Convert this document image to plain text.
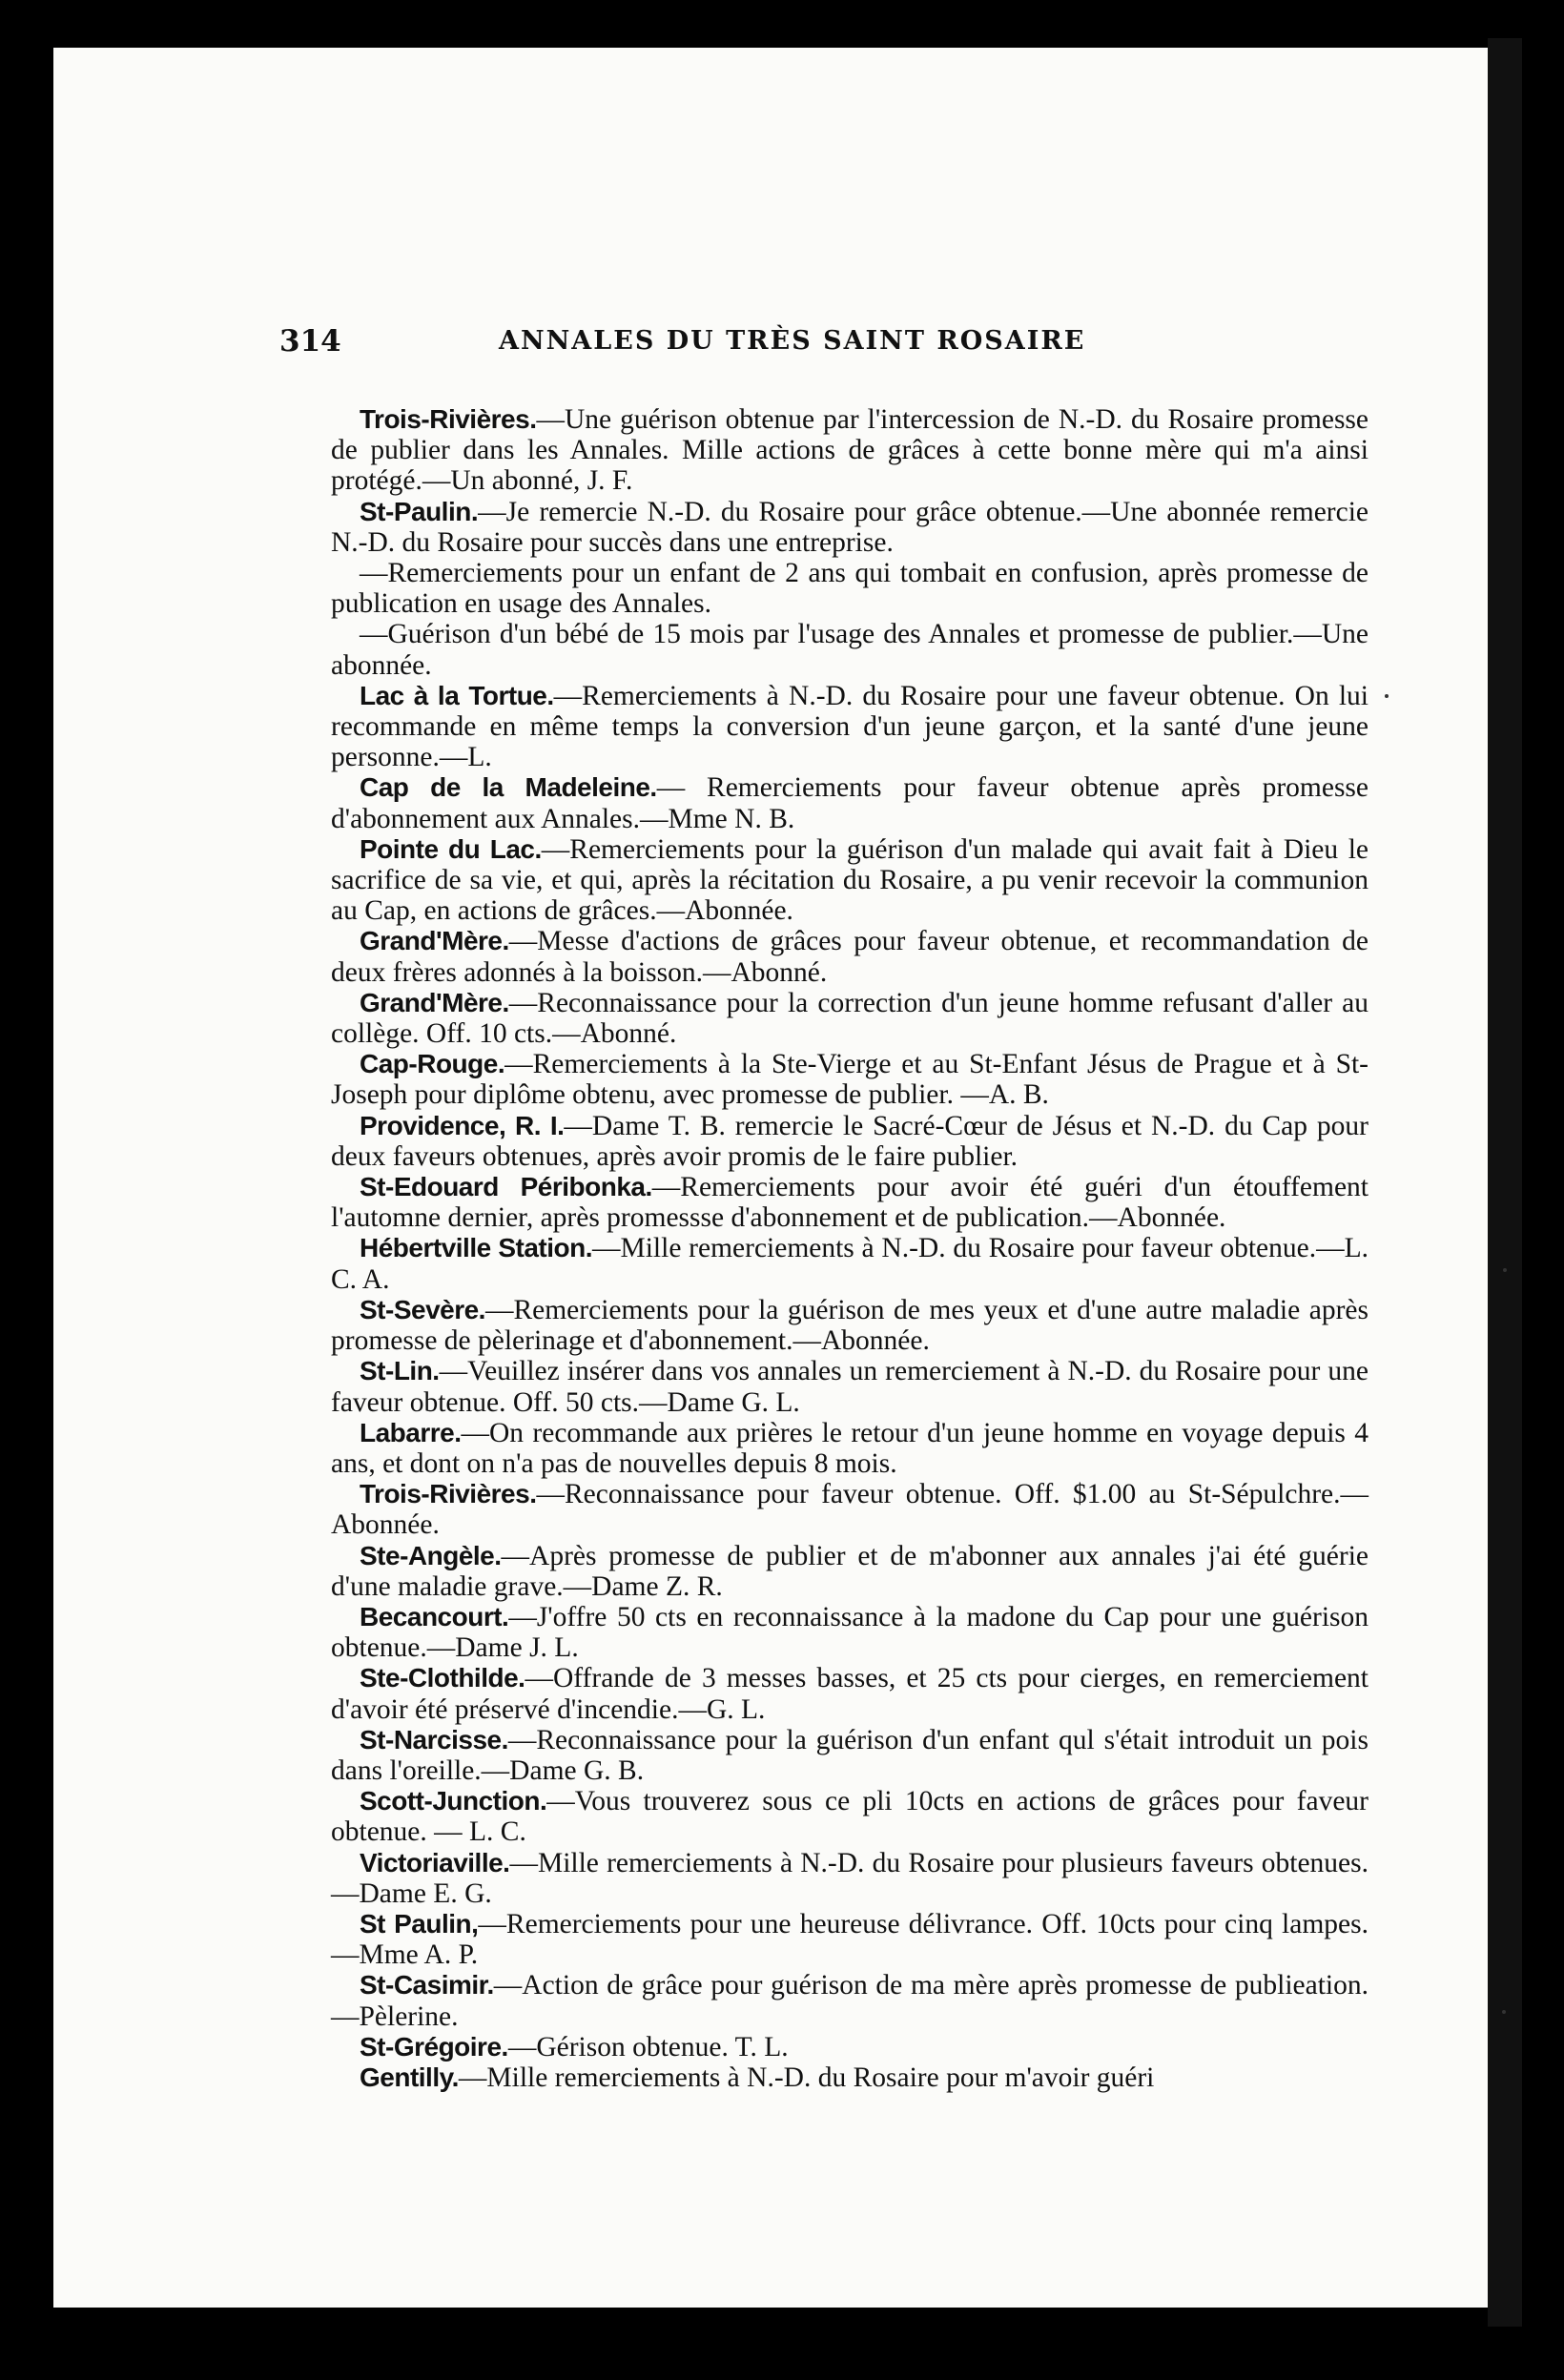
314	ANNALES DU TRÈS SAINT ROSAIRE

Trois-Rivières.—Une guérison obtenue par l'intercession de N.-D. du Rosaire promesse de publier dans les Annales. Mille actions de grâces à cette bonne mère qui m'a ainsi protégé.—Un abonné, J. F.

St-Paulin.—Je remercie N.-D. du Rosaire pour grâce obtenue.—Une abonnée remercie N.-D. du Rosaire pour succès dans une entreprise.

—Remerciements pour un enfant de 2 ans qui tombait en confusion, après promesse de publication en usage des Annales.

—Guérison d'un bébé de 15 mois par l'usage des Annales et promesse de publier.—Une abonnée.

Lac à la Tortue.—Remerciements à N.-D. du Rosaire pour une faveur obtenue. On lui recommande en même temps la conversion d'un jeune garçon, et la santé d'une jeune personne.—L.

Cap de la Madeleine.— Remerciements pour faveur obtenue après promesse d'abonnement aux Annales.—Mme N. B.

Pointe du Lac.—Remerciements pour la guérison d'un malade qui avait fait à Dieu le sacrifice de sa vie, et qui, après la récitation du Rosaire, a pu venir recevoir la communion au Cap, en actions de grâces.—Abonnée.

Grand'Mère.—Messe d'actions de grâces pour faveur obtenue, et recommandation de deux frères adonnés à la boisson.—Abonné.

Grand'Mère.—Reconnaissance pour la correction d'un jeune homme refusant d'aller au collège. Off. 10 cts.—Abonné.

Cap-Rouge.—Remerciements à la Ste-Vierge et au St-Enfant Jésus de Prague et à St-Joseph pour diplôme obtenu, avec promesse de publier. —A. B.

Providence, R. I.—Dame T. B. remercie le Sacré-Cœur de Jésus et N.-D. du Cap pour deux faveurs obtenues, après avoir promis de le faire publier.

St-Edouard Péribonka.—Remerciements pour avoir été guéri d'un étouffement l'automne dernier, après promessse d'abonnement et de publication.—Abonnée.

Hébertville Station.—Mille remerciements à N.-D. du Rosaire pour faveur obtenue.—L. C. A.

St-Sevère.—Remerciements pour la guérison de mes yeux et d'une autre maladie après promesse de pèlerinage et d'abonnement.—Abonnée.

St-Lin.—Veuillez insérer dans vos annales un remerciement à N.-D. du Rosaire pour une faveur obtenue. Off. 50 cts.—Dame G. L.

Labarre.—On recommande aux prières le retour d'un jeune homme en voyage depuis 4 ans, et dont on n'a pas de nouvelles depuis 8 mois.

Trois-Rivières.—Reconnaissance pour faveur obtenue. Off. $1.00 au St-Sépulchre.—Abonnée.

Ste-Angèle.—Après promesse de publier et de m'abonner aux annales j'ai été guérie d'une maladie grave.—Dame Z. R.

Becancourt.—J'offre 50 cts en reconnaissance à la madone du Cap pour une guérison obtenue.—Dame J. L.

Ste-Clothilde.—Offrande de 3 messes basses, et 25 cts pour cierges, en remerciement d'avoir été préservé d'incendie.—G. L.

St-Narcisse.—Reconnaissance pour la guérison d'un enfant qul s'était introduit un pois dans l'oreille.—Dame G. B.

Scott-Junction.—Vous trouverez sous ce pli 10cts en actions de grâces pour faveur obtenue. — L. C.

Victoriaville.—Mille remerciements à N.-D. du Rosaire pour plusieurs faveurs obtenues.—Dame E. G.

St Paulin,—Remerciements pour une heureuse délivrance. Off. 10cts pour cinq lampes.—Mme A. P.

St-Casimir.—Action de grâce pour guérison de ma mère après promesse de publieation.—Pèlerine.

St-Grégoire.—Gérison obtenue. T. L.

Gentilly.—Mille remerciements à N.-D. du Rosaire pour m'avoir guéri
